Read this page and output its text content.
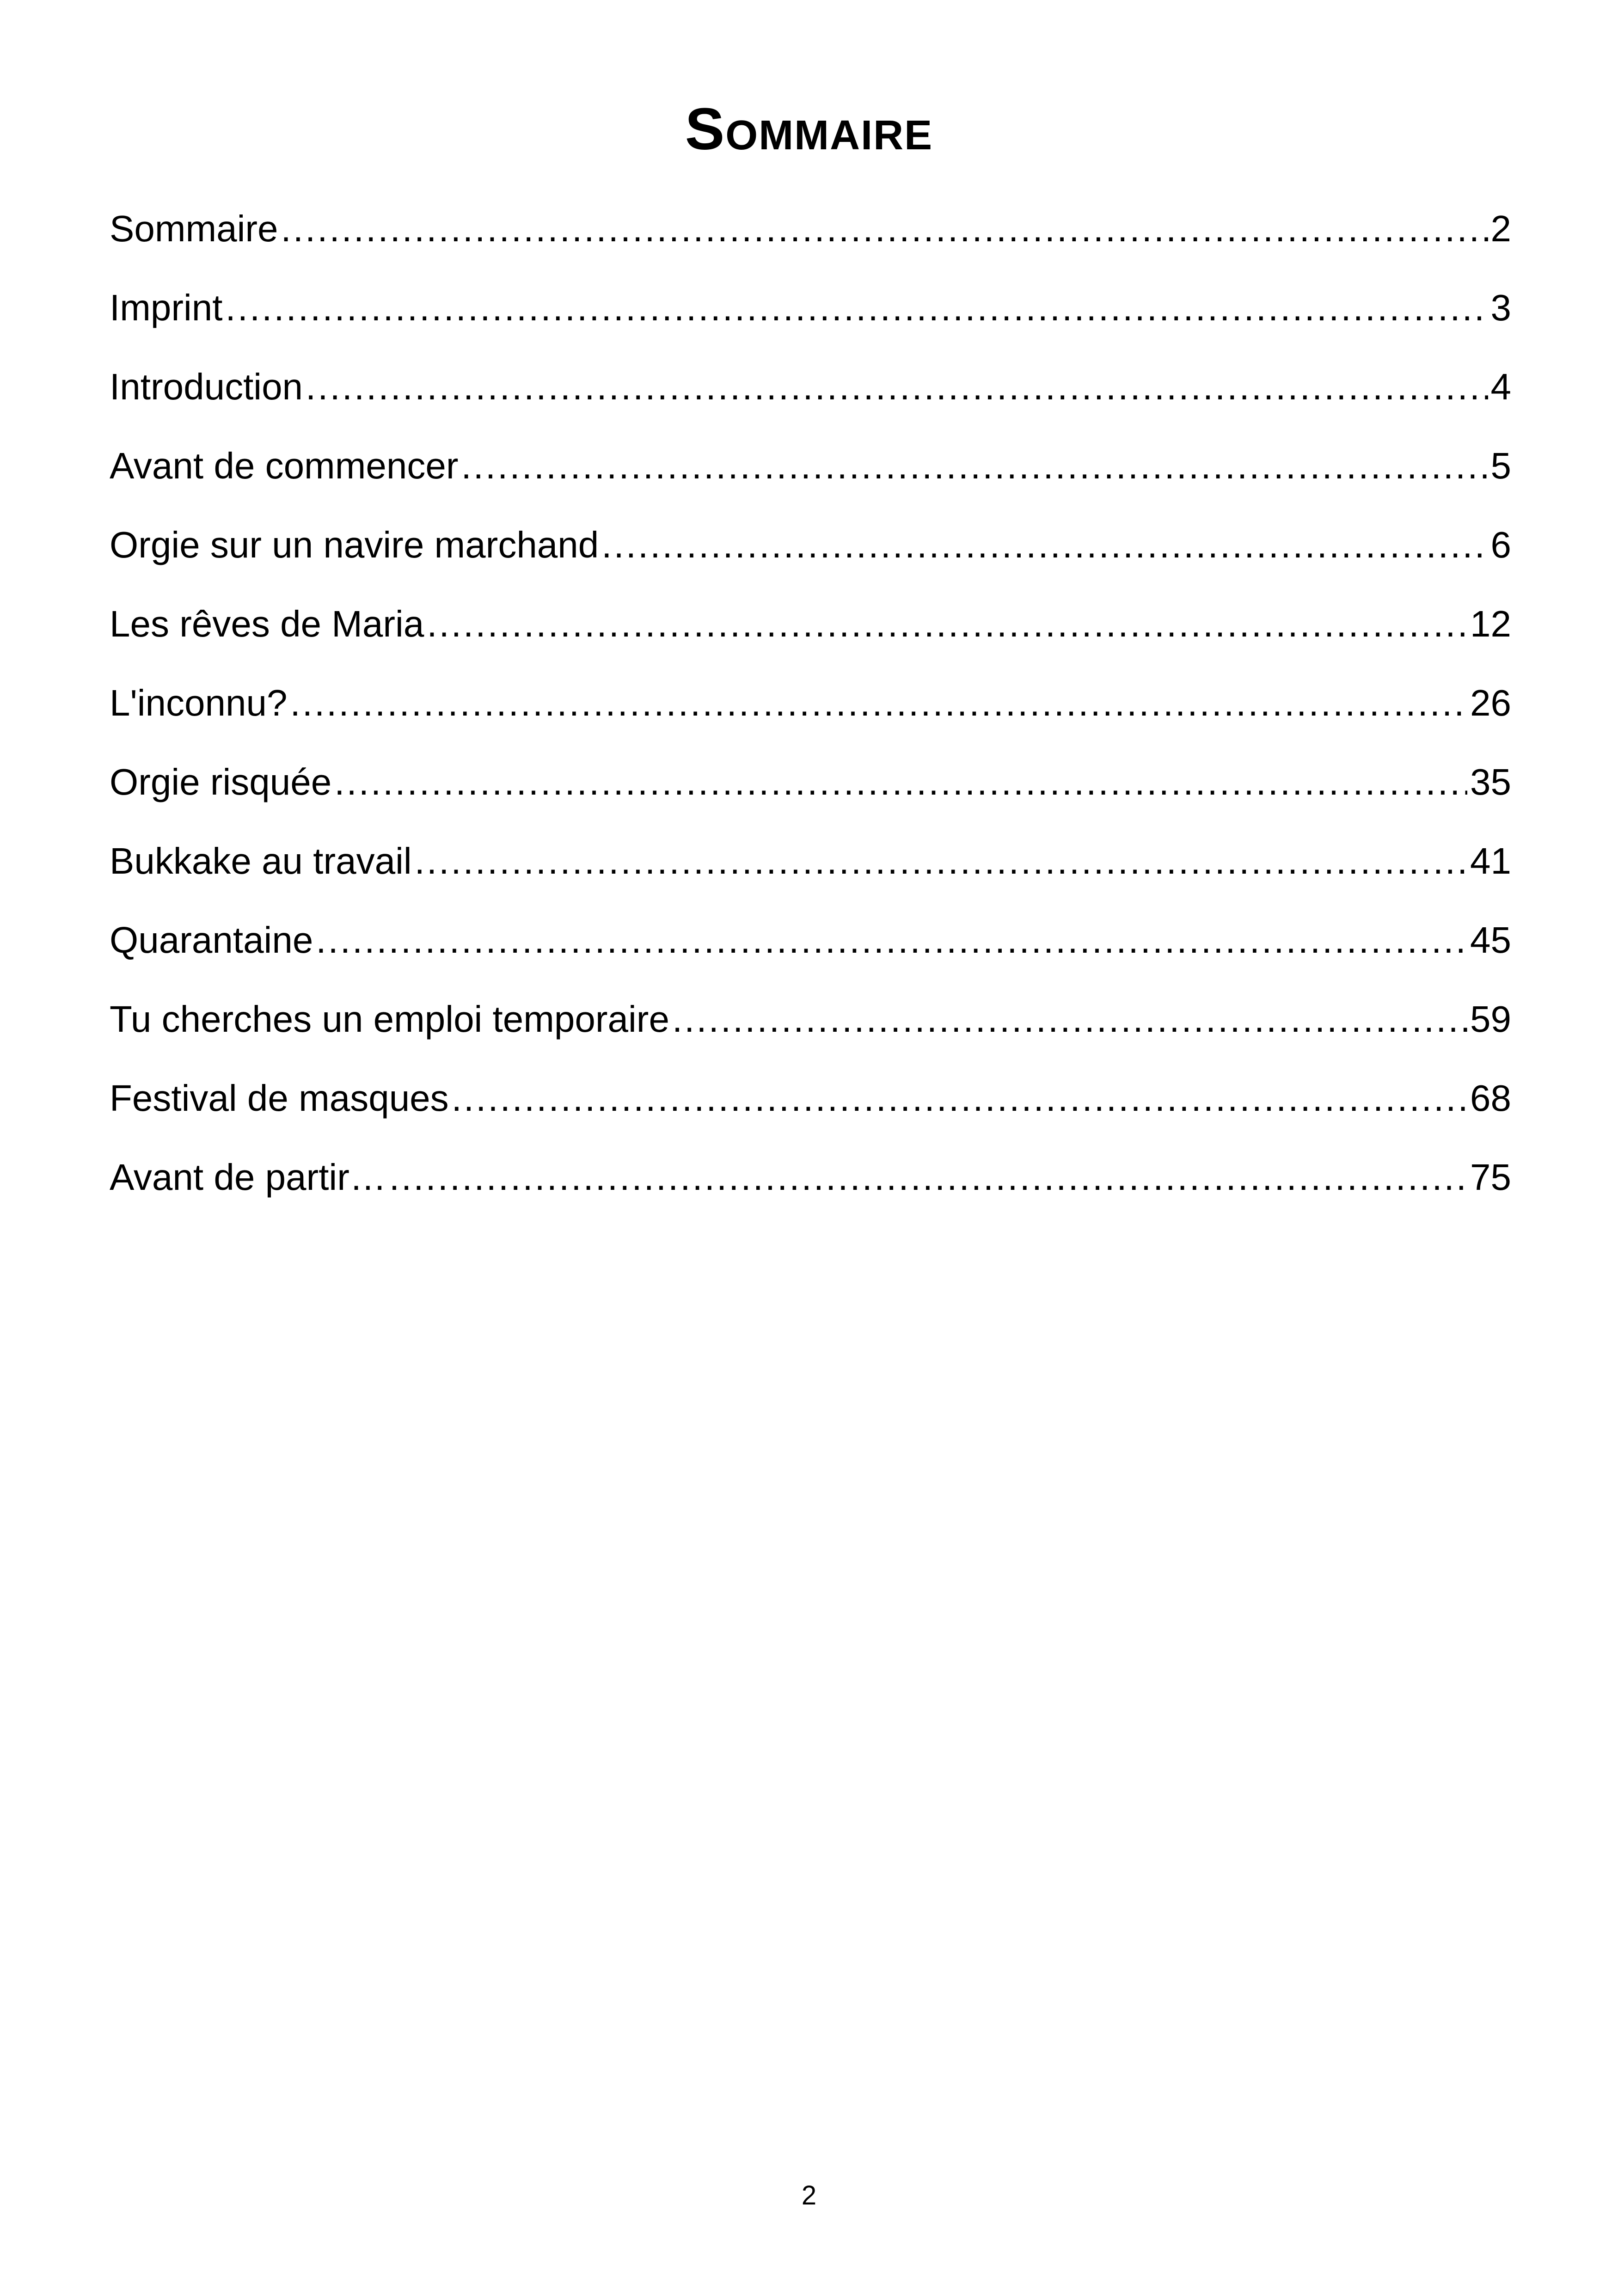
Sommaire
Sommaire .....	2
Imprint .....	3
Introduction .....	4
Avant de commencer .....	5
Orgie sur un navire marchand .....	6
Les rêves de Maria .....	12
L'inconnu? .....	26
Orgie risquée .....	35
Bukkake au travail .....	41
Quarantaine .....	45
Tu cherches un emploi temporaire .....	59
Festival de masques .....	68
Avant de partir… .....	75
2
